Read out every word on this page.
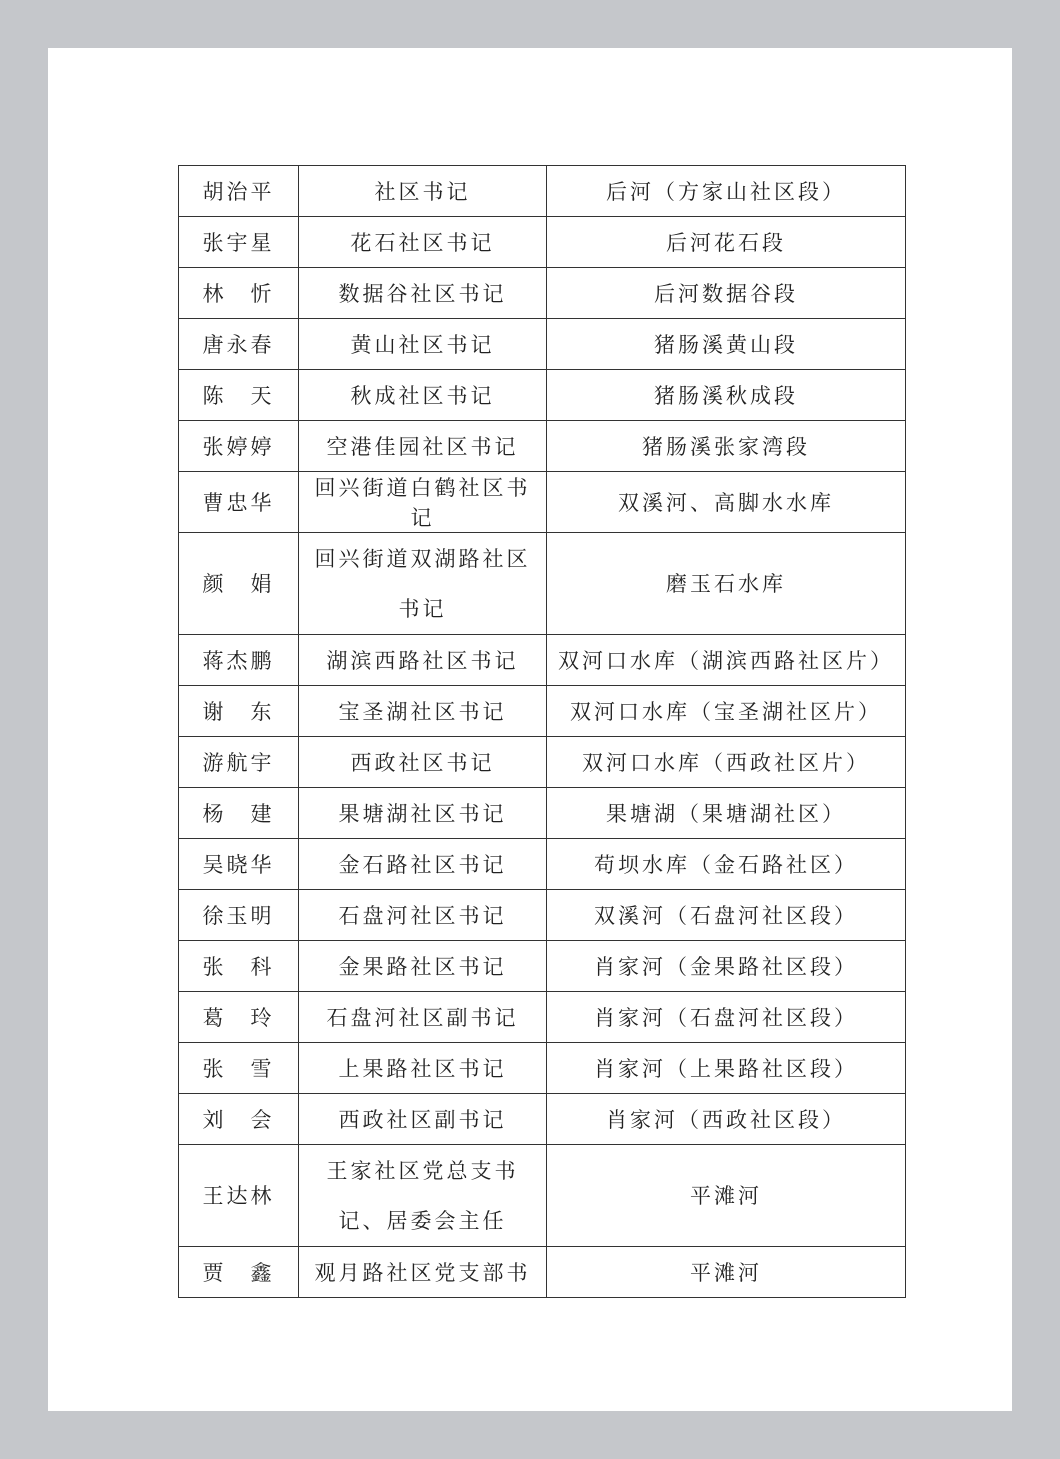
胡治平	社区书记	后河（方家山社区段）
张宇星	花石社区书记	后河花石段
林　忻	数据谷社区书记	后河数据谷段
唐永春	黄山社区书记	猪肠溪黄山段
陈　天	秋成社区书记	猪肠溪秋成段
张婷婷	空港佳园社区书记	猪肠溪张家湾段
曹忠华	回兴街道白鹤社区书记	双溪河、高脚水水库
颜　娟	回兴街道双湖路社区书记	磨玉石水库
蒋杰鹏	湖滨西路社区书记	双河口水库（湖滨西路社区片）
谢　东	宝圣湖社区书记	双河口水库（宝圣湖社区片）
游航宇	西政社区书记	双河口水库（西政社区片）
杨　建	果塘湖社区书记	果塘湖（果塘湖社区）
吴晓华	金石路社区书记	苟坝水库（金石路社区）
徐玉明	石盘河社区书记	双溪河（石盘河社区段）
张　科	金果路社区书记	肖家河（金果路社区段）
葛　玲	石盘河社区副书记	肖家河（石盘河社区段）
张　雪	上果路社区书记	肖家河（上果路社区段）
刘　会	西政社区副书记	肖家河（西政社区段）
王达林	王家社区党总支书记、居委会主任	平滩河
贾　鑫	观月路社区党支部书	平滩河
